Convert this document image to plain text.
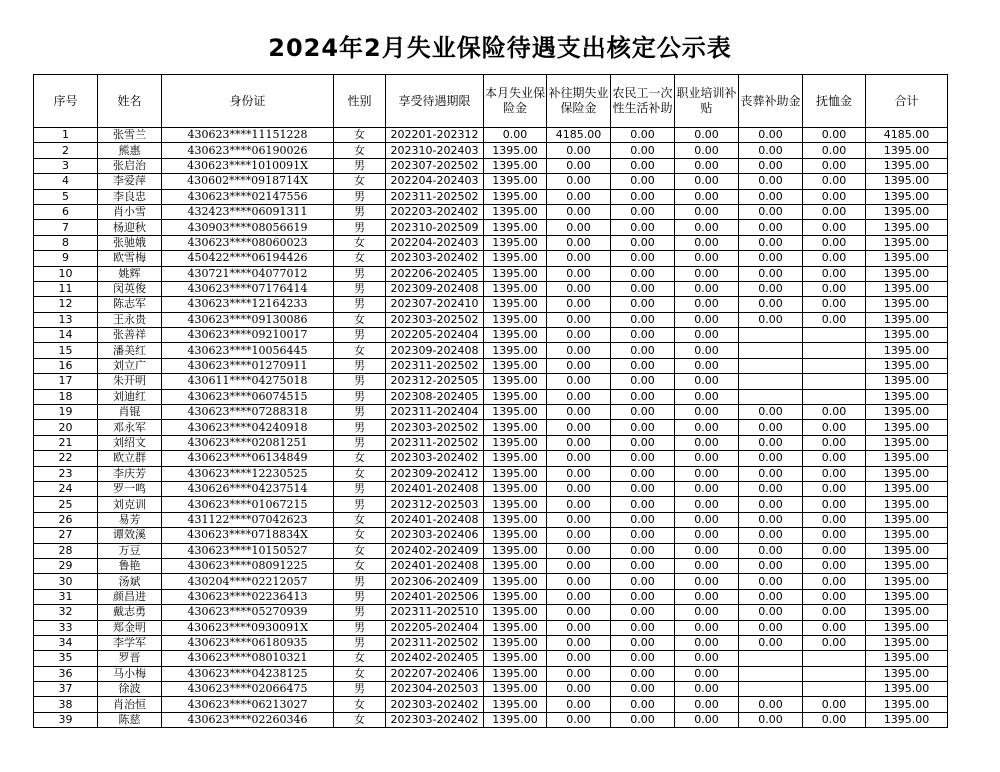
2024年2月失业保险待遇支出核定公示表
序号	姓名	身份证	性别	享受待遇期限	本月失业保险金	补往期失业保险金	农民工一次性生活补助	职业培训补贴	丧葬补助金	抚恤金	合计
1	张雪兰	430623****11151228	女	202201-202312	0.00	4185.00	0.00	0.00	0.00	0.00	4185.00
2	熊惠	430623****06190026	女	202310-202403	1395.00	0.00	0.00	0.00	0.00	0.00	1395.00
3	张启治	430623****1010091X	男	202307-202502	1395.00	0.00	0.00	0.00	0.00	0.00	1395.00
4	李爱萍	430602****0918714X	女	202204-202403	1395.00	0.00	0.00	0.00	0.00	0.00	1395.00
5	李良忠	430623****02147556	男	202311-202502	1395.00	0.00	0.00	0.00	0.00	0.00	1395.00
6	肖小雪	432423****06091311	男	202203-202402	1395.00	0.00	0.00	0.00	0.00	0.00	1395.00
7	杨迎秋	430903****08056619	男	202310-202509	1395.00	0.00	0.00	0.00	0.00	0.00	1395.00
8	张驰娥	430623****08060023	女	202204-202403	1395.00	0.00	0.00	0.00	0.00	0.00	1395.00
9	欧雪梅	450422****06194426	女	202303-202402	1395.00	0.00	0.00	0.00	0.00	0.00	1395.00
10	姚辉	430721****04077012	男	202206-202405	1395.00	0.00	0.00	0.00	0.00	0.00	1395.00
11	闵英俊	430623****07176414	男	202309-202408	1395.00	0.00	0.00	0.00	0.00	0.00	1395.00
12	陈志军	430623****12164233	男	202307-202410	1395.00	0.00	0.00	0.00	0.00	0.00	1395.00
13	王永贵	430623****09130086	女	202303-202502	1395.00	0.00	0.00	0.00	0.00	0.00	1395.00
14	张善祥	430623****09210017	男	202205-202404	1395.00	0.00	0.00	0.00			1395.00
15	潘美红	430623****10056445	女	202309-202408	1395.00	0.00	0.00	0.00			1395.00
16	刘立广	430623****01270911	男	202311-202502	1395.00	0.00	0.00	0.00			1395.00
17	朱开明	430611****04275018	男	202312-202505	1395.00	0.00	0.00	0.00			1395.00
18	刘迪红	430623****06074515	男	202308-202405	1395.00	0.00	0.00	0.00			1395.00
19	肖锟	430623****07288318	男	202311-202404	1395.00	0.00	0.00	0.00	0.00	0.00	1395.00
20	邓永军	430623****04240918	男	202303-202502	1395.00	0.00	0.00	0.00	0.00	0.00	1395.00
21	刘绍文	430623****02081251	男	202311-202502	1395.00	0.00	0.00	0.00	0.00	0.00	1395.00
22	欧立群	430623****06134849	女	202303-202402	1395.00	0.00	0.00	0.00	0.00	0.00	1395.00
23	李庆芳	430623****12230525	女	202309-202412	1395.00	0.00	0.00	0.00	0.00	0.00	1395.00
24	罗一鸣	430626****04237514	男	202401-202408	1395.00	0.00	0.00	0.00	0.00	0.00	1395.00
25	刘克训	430623****01067215	男	202312-202503	1395.00	0.00	0.00	0.00	0.00	0.00	1395.00
26	易芳	431122****07042623	女	202401-202408	1395.00	0.00	0.00	0.00	0.00	0.00	1395.00
27	谭效溪	430623****0718834X	女	202303-202406	1395.00	0.00	0.00	0.00	0.00	0.00	1395.00
28	万豆	430623****10150527	女	202402-202409	1395.00	0.00	0.00	0.00	0.00	0.00	1395.00
29	鲁艳	430623****08091225	女	202401-202408	1395.00	0.00	0.00	0.00	0.00	0.00	1395.00
30	汤斌	430204****02212057	男	202306-202409	1395.00	0.00	0.00	0.00	0.00	0.00	1395.00
31	颜昌进	430623****02236413	男	202401-202506	1395.00	0.00	0.00	0.00	0.00	0.00	1395.00
32	戴志勇	430623****05270939	男	202311-202510	1395.00	0.00	0.00	0.00	0.00	0.00	1395.00
33	郑金明	430623****0930091X	男	202205-202404	1395.00	0.00	0.00	0.00	0.00	0.00	1395.00
34	李学军	430623****06180935	男	202311-202502	1395.00	0.00	0.00	0.00	0.00	0.00	1395.00
35	罗晋	430623****08010321	女	202402-202405	1395.00	0.00	0.00	0.00			1395.00
36	马小梅	430623****04238125	女	202207-202406	1395.00	0.00	0.00	0.00			1395.00
37	徐波	430623****02066475	男	202304-202503	1395.00	0.00	0.00	0.00			1395.00
38	肖治恒	430623****06213027	女	202303-202402	1395.00	0.00	0.00	0.00	0.00	0.00	1395.00
39	陈慈	430623****02260346	女	202303-202402	1395.00	0.00	0.00	0.00	0.00	0.00	1395.00
